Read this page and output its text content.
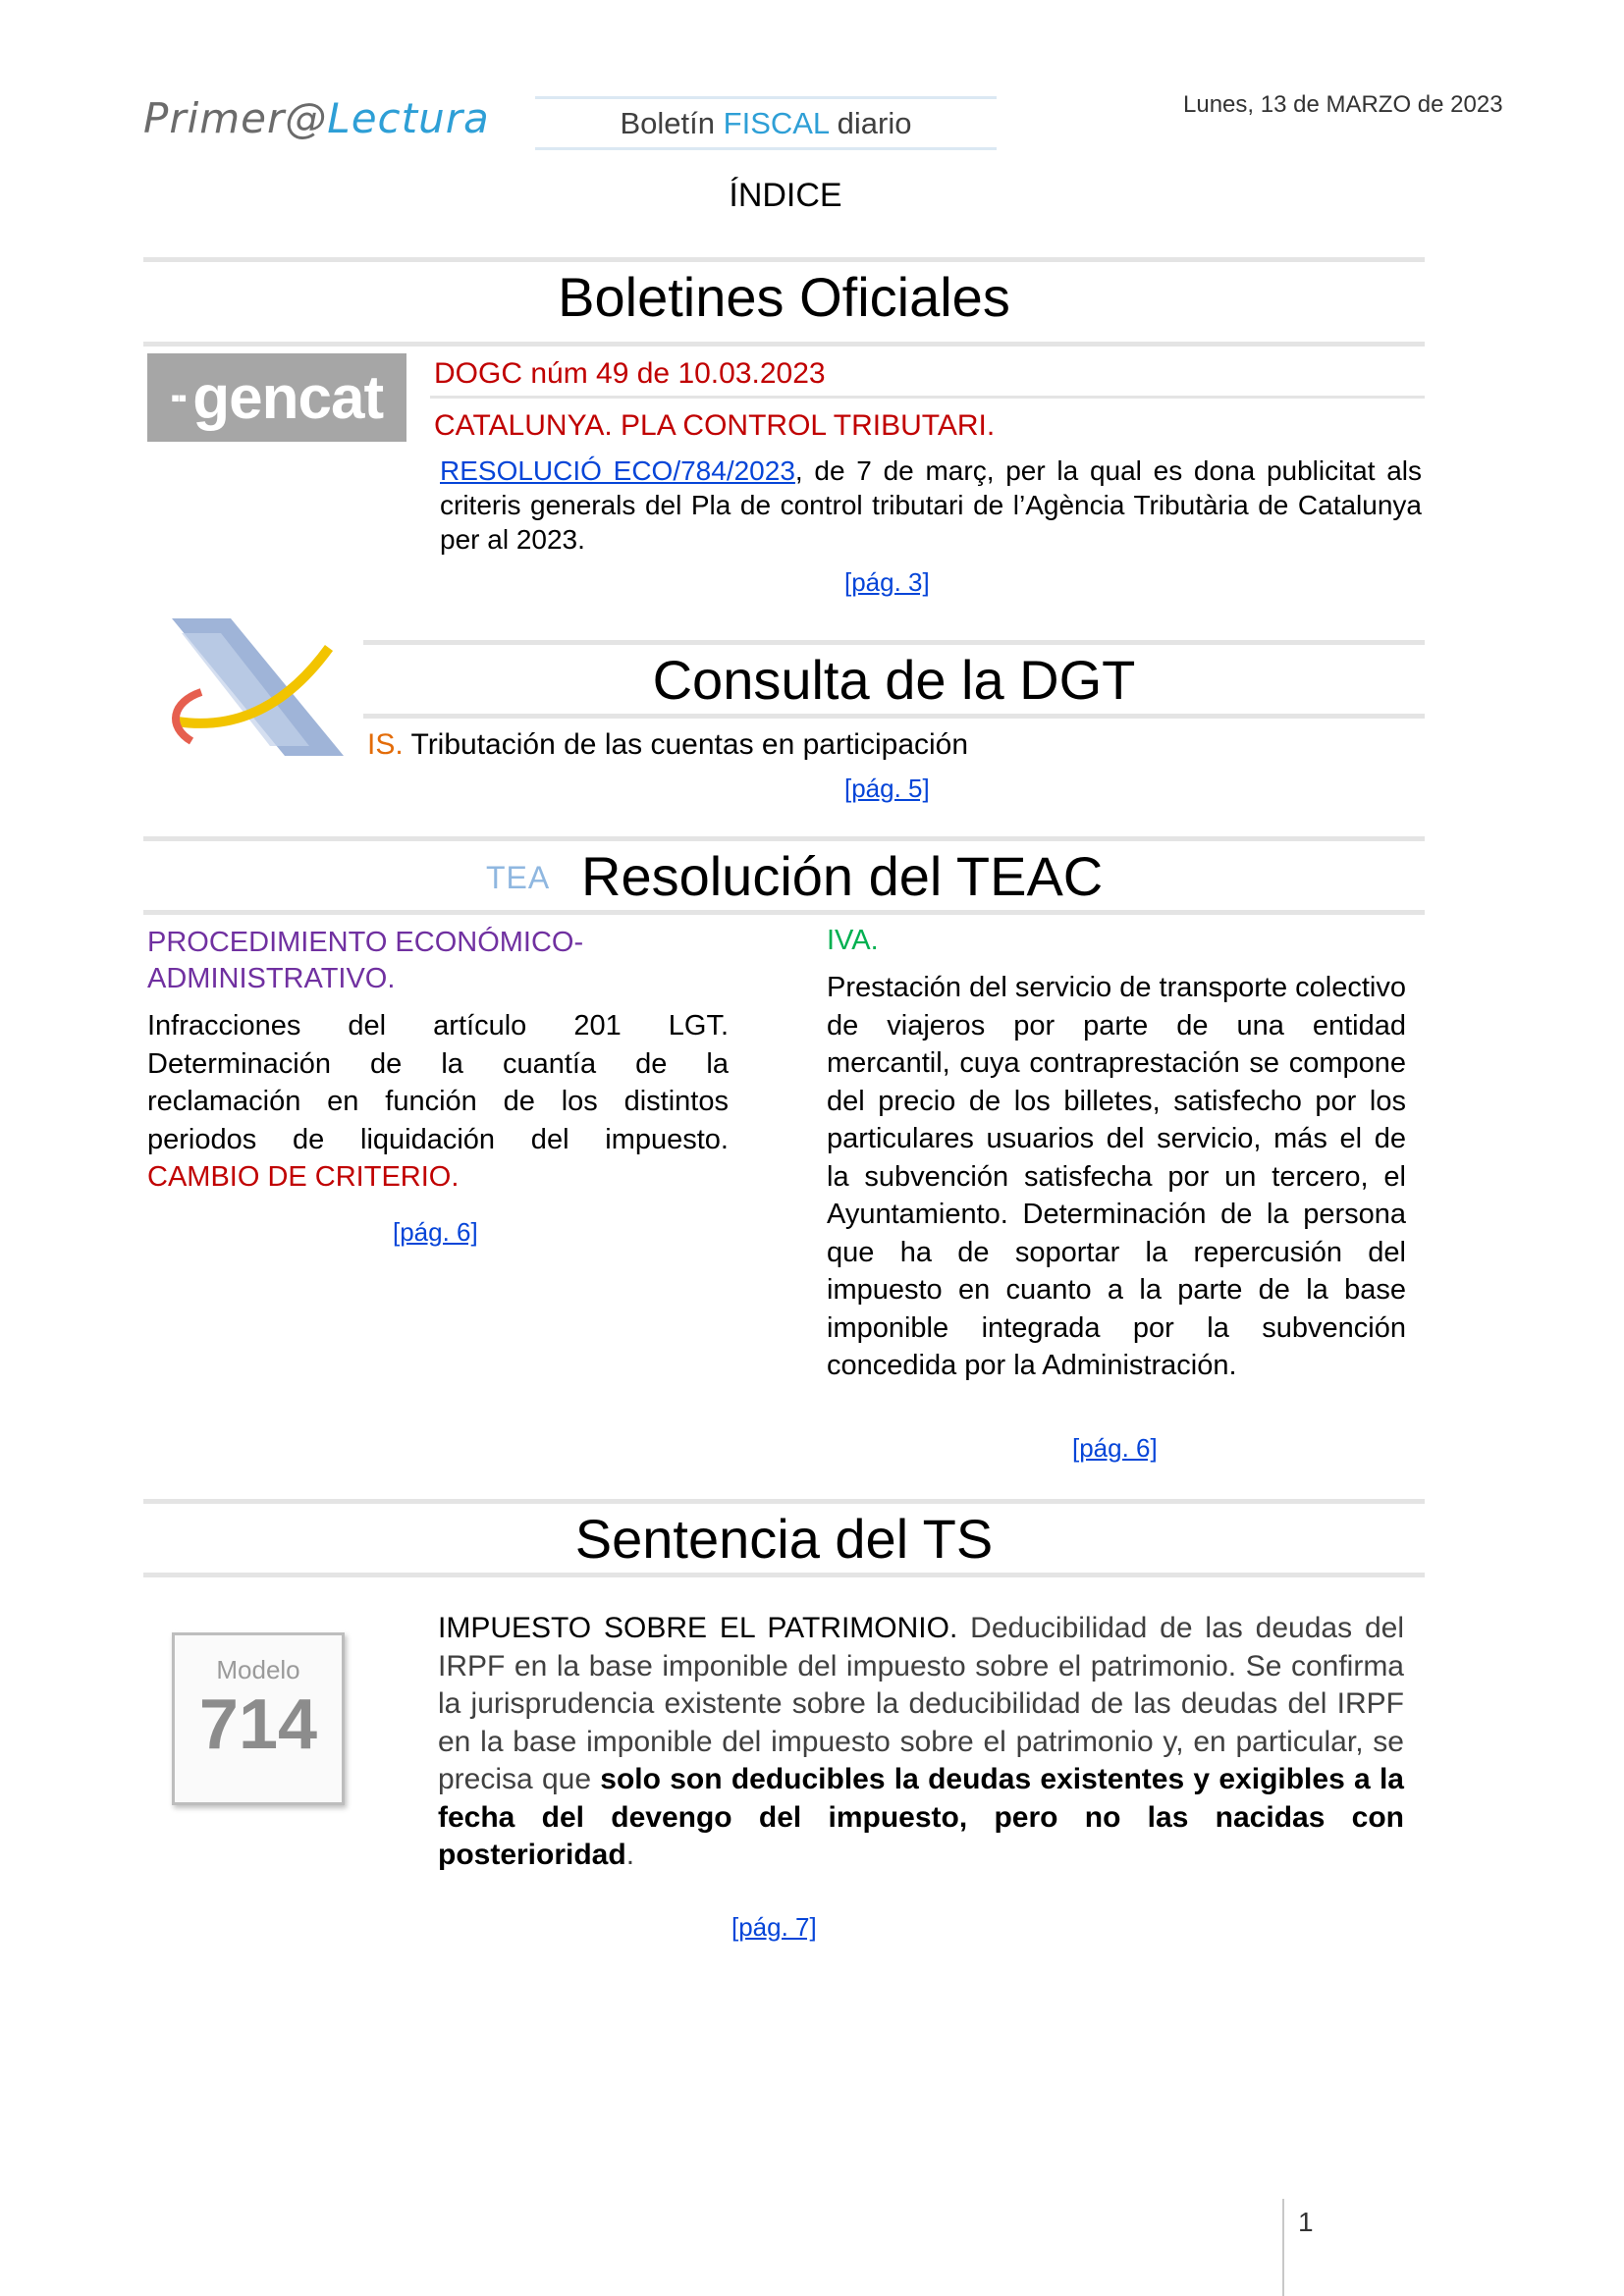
Primer@Lectura	Boletín FISCAL diario
Lunes, 13 de MARZO de 2023
ÍNDICE
Boletines Oficiales
▪▪ gencat DOGC núm 49 de 10.03.2023
CATALUNYA. PLA CONTROL TRIBUTARI.
RESOLUCIÓ ECO/784/2023, de 7 de març, per la qual es dona publicitat als criteris generals del Pla de control tributari de l’Agència Tributària de Catalunya per al 2023.
[pág. 3]
Consulta de la DGT
IS. Tributación de las cuentas en participación
[pág. 5]
TEA Resolución del TEAC
PROCEDIMIENTO ECONÓMICO-ADMINISTRATIVO.
Infracciones del artículo 201 LGT. Determinación de la cuantía de la reclamación en función de los distintos periodos de liquidación del impuesto. CAMBIO DE CRITERIO.
[pág. 6]
IVA.
Prestación del servicio de transporte colectivo de viajeros por parte de una entidad mercantil, cuya contraprestación se compone del precio de los billetes, satisfecho por los particulares usuarios del servicio, más el de la subvención satisfecha por un tercero, el Ayuntamiento. Determinación de la persona que ha de soportar la repercusión del impuesto en cuanto a la parte de la base imponible integrada por la subvención concedida por la Administración.
[pág. 6]
Sentencia del TS
Modelo
714
IMPUESTO SOBRE EL PATRIMONIO. Deducibilidad de las deudas del IRPF en la base imponible del impuesto sobre el patrimonio. Se confirma la jurisprudencia existente sobre la deducibilidad de las deudas del IRPF en la base imponible del impuesto sobre el patrimonio y, en particular, se precisa que solo son deducibles la deudas existentes y exigibles a la fecha del devengo del impuesto, pero no las nacidas con posterioridad.
[pág. 7]
1
